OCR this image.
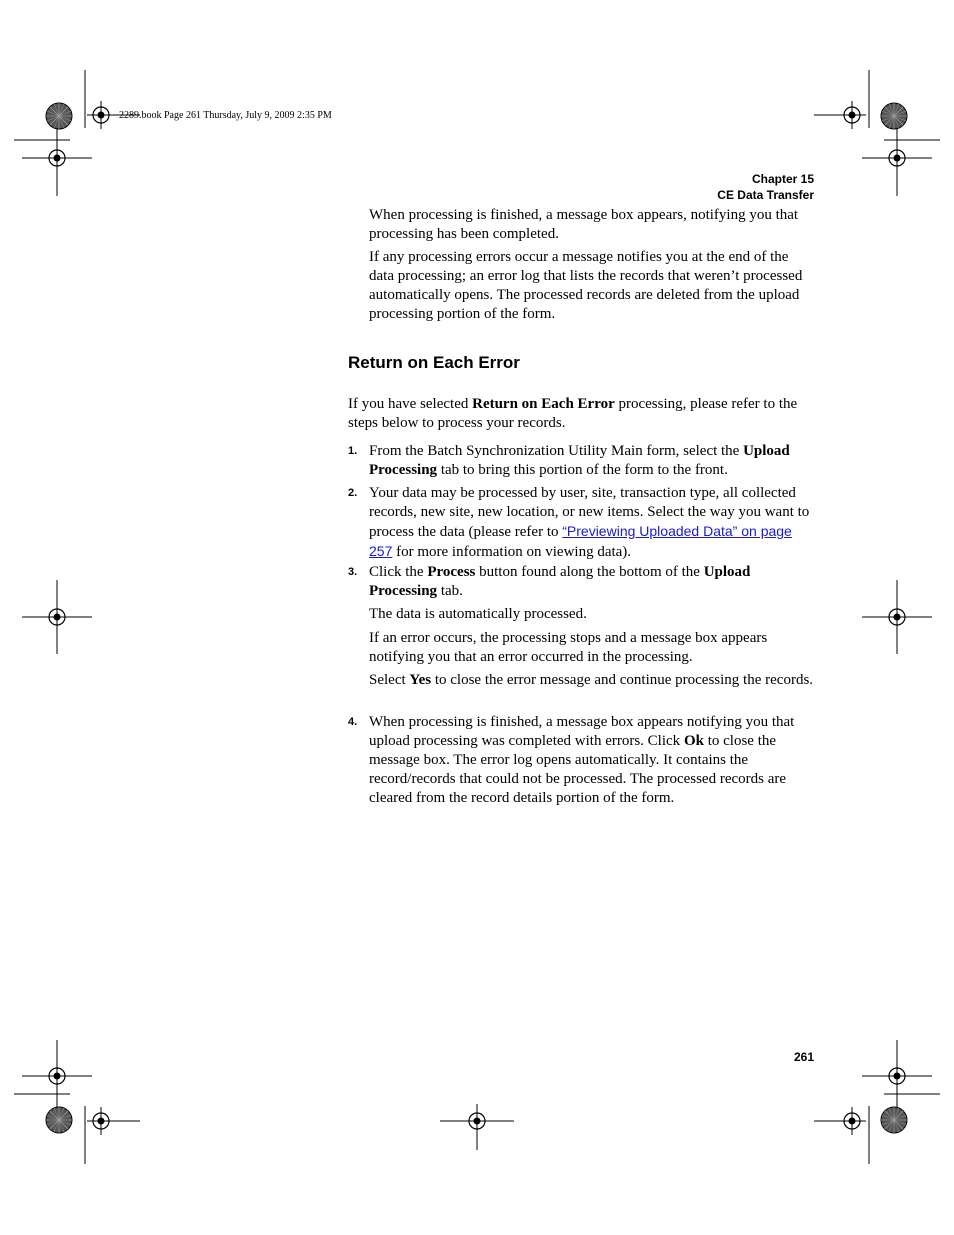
2289.book Page 261 Thursday, July 9, 2009 2:35 PM
Chapter 15
CE Data Transfer

When processing is finished, a message box appears, notifying you that processing has been completed.

If any processing errors occur a message notifies you at the end of the data processing; an error log that lists the records that weren’t processed automatically opens. The processed records are deleted from the upload processing portion of the form.

Return on Each Error

If you have selected Return on Each Error processing, please refer to the steps below to process your records.

1. From the Batch Synchronization Utility Main form, select the Upload Processing tab to bring this portion of the form to the front.

2. Your data may be processed by user, site, transaction type, all collected records, new site, new location, or new items. Select the way you want to process the data (please refer to “Previewing Uploaded Data” on page 257 for more information on viewing data).

3. Click the Process button found along the bottom of the Upload Processing tab.

The data is automatically processed.

If an error occurs, the processing stops and a message box appears notifying you that an error occurred in the processing.

Select Yes to close the error message and continue processing the records.

4. When processing is finished, a message box appears notifying you that upload processing was completed with errors. Click Ok to close the message box. The error log opens automatically. It contains the record/records that could not be processed. The processed records are cleared from the record details portion of the form.

261
